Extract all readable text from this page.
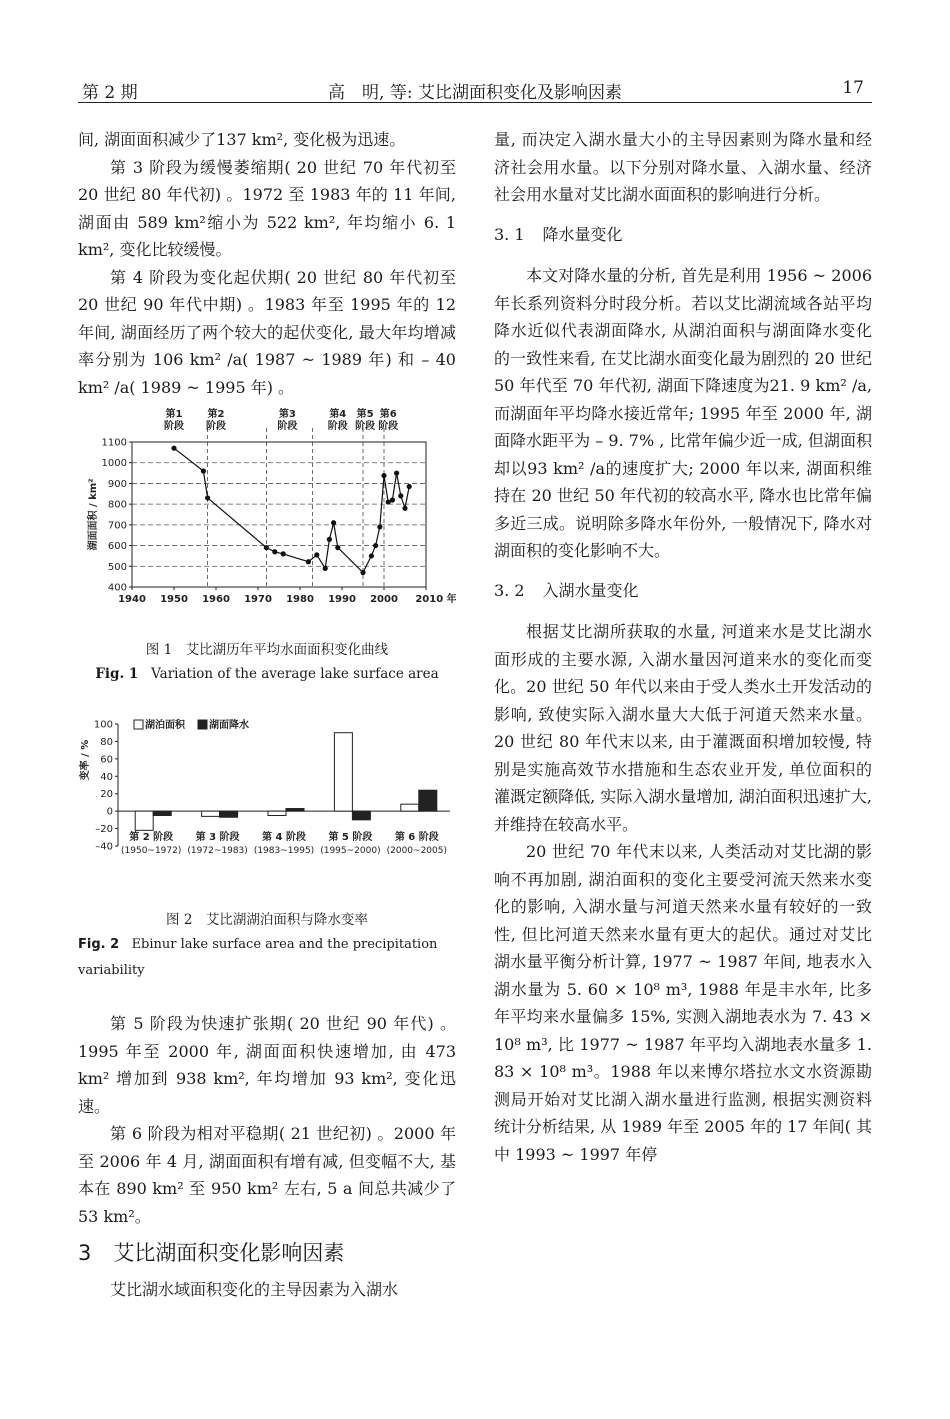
第 2 期	高　明, 等: 艾比湖面积变化及影响因素	17

间, 湖面面积减少了137 km², 变化极为迅速。

第 3 阶段为缓慢萎缩期( 20 世纪 70 年代初至 20 世纪 80 年代初) 。1972 至 1983 年的 11 年间, 湖面由 589 km²缩小为 522 km², 年均缩小 6. 1 km², 变化比较缓慢。

第 4 阶段为变化起伏期( 20 世纪 80 年代初至 20 世纪 90 年代中期) 。1983 年至 1995 年的 12 年间, 湖面经历了两个较大的起伏变化, 最大年均增减率分别为 106 km² /a( 1987 ~ 1989 年) 和 – 40 km² /a( 1989 ~ 1995 年) 。

400
500
600
700
800
900
1000
1100
1940 1950 1960 1970 1980 1990 2000 2010 年
湖面面积 / km²
第1
阶段
第2
阶段
第3
阶段
第4
阶段
第5
阶段
第6
阶段
图 1　艾比湖历年平均水面面积变化曲线
Fig. 1 Variation of the average lake surface area
–40
–20
0
20
40
60
80
100
变率 / %
湖泊面积 湖面降水
第 2 阶段
(1950~1972)
第 3 阶段
(1972~1983)
第 4 阶段
(1983~1995)
第 5 阶段
(1995~2000)
第 6 阶段
(2000~2005)
图 2　艾比湖湖泊面积与降水变率
Fig. 2 Ebinur lake surface area and the precipitation variability

第 5 阶段为快速扩张期( 20 世纪 90 年代) 。1995 年至 2000 年, 湖面面积快速增加, 由 473 km² 增加到 938 km², 年均增加 93 km², 变化迅速。

第 6 阶段为相对平稳期( 21 世纪初) 。2000 年至 2006 年 4 月, 湖面面积有增有减, 但变幅不大, 基本在 890 km² 至 950 km² 左右, 5 a 间总共减少了 53 km²。

3 艾比湖面积变化影响因素

艾比湖水域面积变化的主导因素为入湖水

量, 而决定入湖水量大小的主导因素则为降水量和经济社会用水量。以下分别对降水量、入湖水量、经济社会用水量对艾比湖水面面积的影响进行分析。

3. 1 降水量变化

本文对降水量的分析, 首先是利用 1956 ~ 2006 年长系列资料分时段分析。若以艾比湖流域各站平均降水近似代表湖面降水, 从湖泊面积与湖面降水变化的一致性来看, 在艾比湖水面变化最为剧烈的 20 世纪 50 年代至 70 年代初, 湖面下降速度为21. 9 km² /a, 而湖面年平均降水接近常年; 1995 年至 2000 年, 湖面降水距平为 – 9. 7% , 比常年偏少近一成, 但湖面积却以93 km² /a的速度扩大; 2000 年以来, 湖面积维持在 20 世纪 50 年代初的较高水平, 降水也比常年偏多近三成。说明除多降水年份外, 一般情况下, 降水对湖面积的变化影响不大。

3. 2 入湖水量变化

根据艾比湖所获取的水量, 河道来水是艾比湖水面形成的主要水源, 入湖水量因河道来水的变化而变化。20 世纪 50 年代以来由于受人类水土开发活动的影响, 致使实际入湖水量大大低于河道天然来水量。20 世纪 80 年代末以来, 由于灌溉面积增加较慢, 特别是实施高效节水措施和生态农业开发, 单位面积的灌溉定额降低, 实际入湖水量增加, 湖泊面积迅速扩大, 并维持在较高水平。

20 世纪 70 年代末以来, 人类活动对艾比湖的影响不再加剧, 湖泊面积的变化主要受河流天然来水变化的影响, 入湖水量与河道天然来水量有较好的一致性, 但比河道天然来水量有更大的起伏。通过对艾比湖水量平衡分析计算, 1977 ~ 1987 年间, 地表水入湖水量为 5. 60 × 10⁸ m³, 1988 年是丰水年, 比多年平均来水量偏多 15%, 实测入湖地表水为 7. 43 × 10⁸ m³, 比 1977 ~ 1987 年平均入湖地表水量多 1. 83 × 10⁸ m³。1988 年以来博尔塔拉水文水资源勘测局开始对艾比湖入湖水量进行监测, 根据实测资料统计分析结果, 从 1989 年至 2005 年的 17 年间( 其中 1993 ~ 1997 年停
